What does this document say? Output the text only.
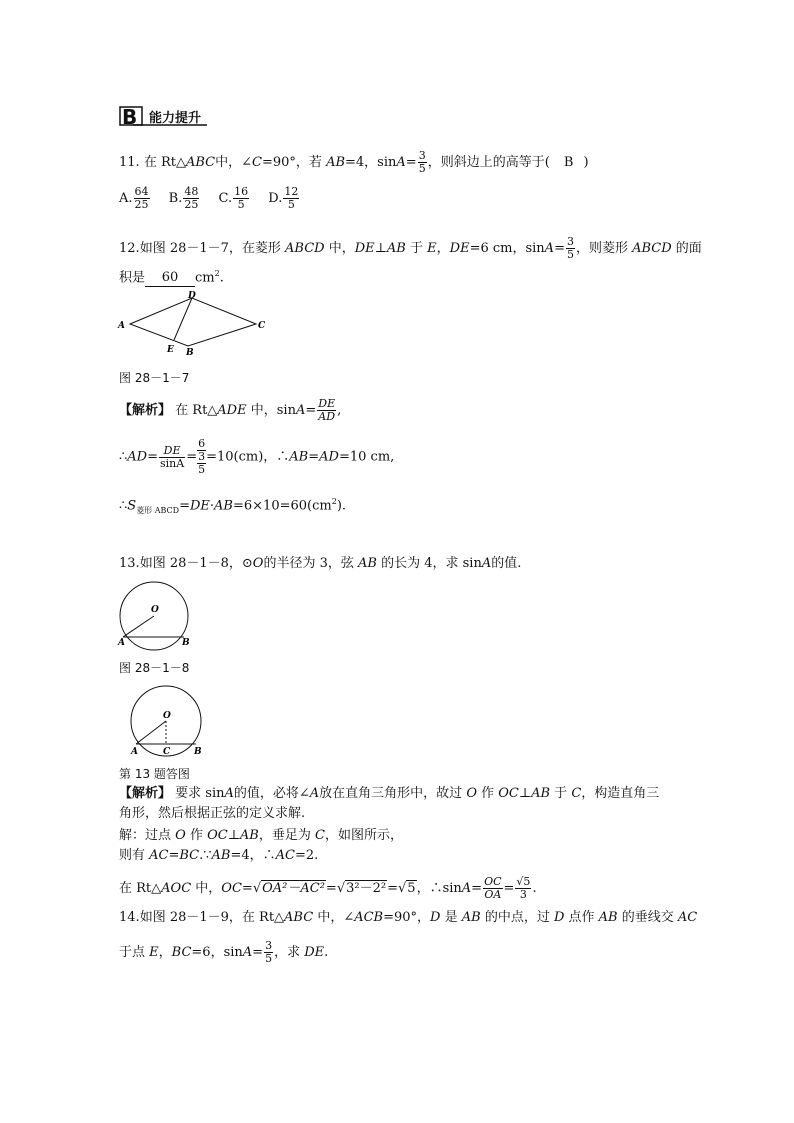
B 能力提升
11. 在 Rt△ABC中，∠C=90°，若 AB=4，$\sin A= \frac{3}{5}$ ，则斜边上的高等于( B )
A. $\frac{64}{25} B$. $\frac{48}{25} C$. $\frac{16}{5} D$. $\frac{12}{5}$
12.如图 28－1－7，在菱形 ABCD 中，DE⊥AB 于 E，DE=6 cm，$\sin A= \frac{3}{5}$ ，则菱形 ABCD 的面
积是 60 $cm^2$.
A
D
C
E B
图 28－1－7
【解析】 在 Rt△ADE 中，$\sin A= \frac{DE}{AD}$ ,
∴AD= $\frac{DE}{\sin A} = \frac{6}{\frac{3}{5}} =10(cm)$，∴AB=AD=10 cm,
$\therefore S_{菱形 ABCD}=DE\cdot AB=6\times 10=60(cm^2)$.
13.如图 28－1－8，⊙O的半径为 3，弦 AB 的长为 4，求 sinA的值.
O
A	B
图 28－1－8
O
A	C	B
第 13 题答图
【解析】 要求 sinA的值，必将∠A放在直角三角形中，故过 O 作 OC⊥AB 于 C，构造直角三
角形，然后根据正弦的定义求解.
解：过点 O 作 OC⊥AB，垂足为 C，如图所示，
则有 AC=BC.∵AB=4，∴AC=2.
在 Rt△AOC 中，OC=√OA²－AC²=√3²－2²=√5，∴sinA= $\frac{OC}{OA} = \frac{√5}{3}$ .
14.如图 28－1－9，在 Rt△ABC 中，∠ACB=90°，D 是 AB 的中点，过 D 点作 AB 的垂线交 AC
于点 E，BC=6，$\sin A= \frac{3}{5}$ ，求 DE.
